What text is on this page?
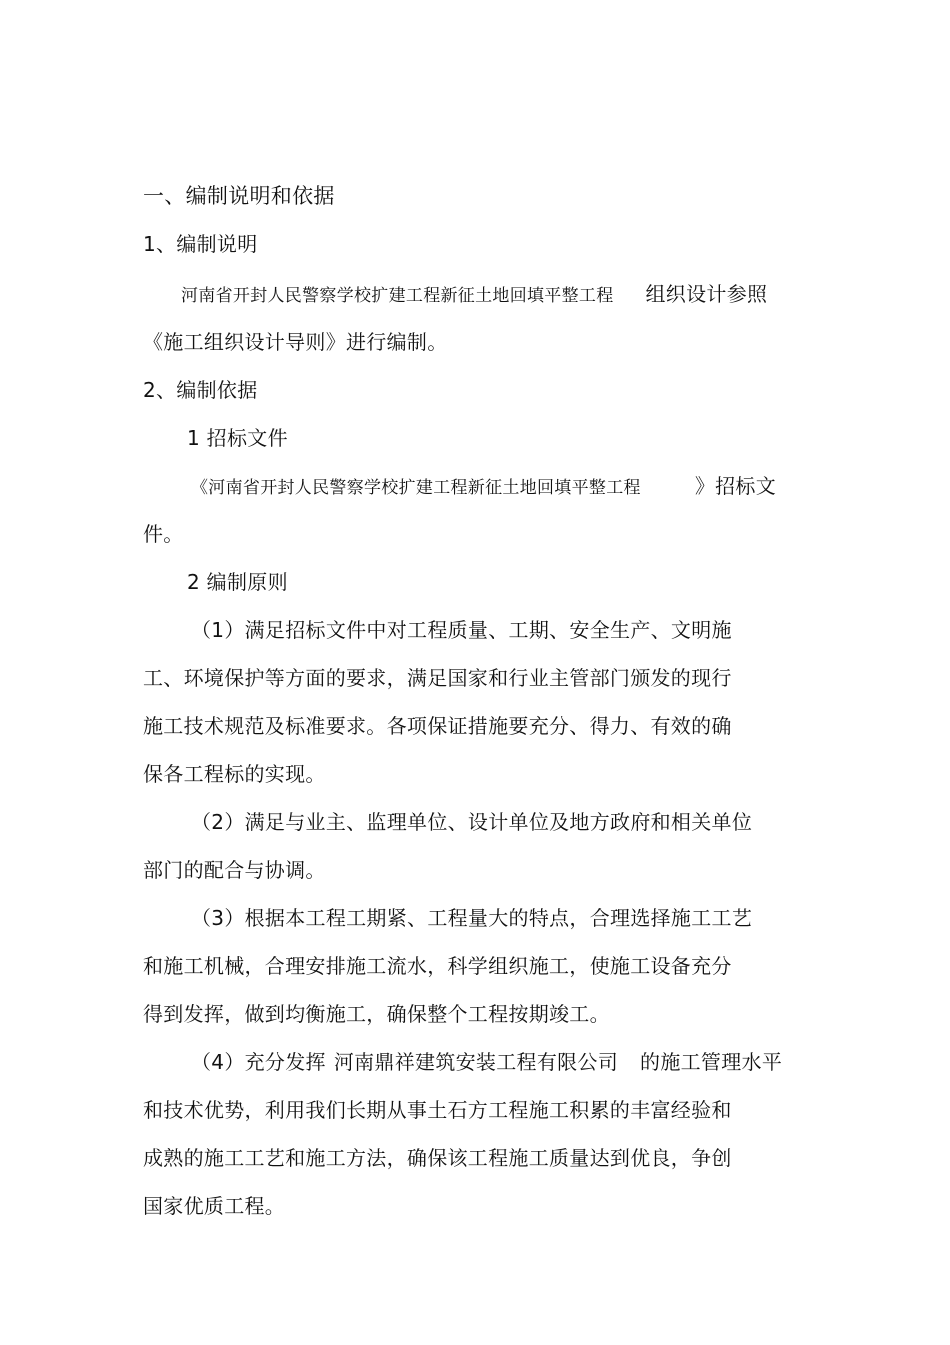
一、编制说明和依据
1、编制说明
河南省开封人民警察学校扩建工程新征土地回填平整工程 组织设计参照
《施工组织设计导则》进行编制。
2、编制依据
1 招标文件
《河南省开封人民警察学校扩建工程新征土地回填平整工程	》招标文
件。
2 编制原则
（1）满足招标文件中对工程质量、工期、安全生产、文明施
工、环境保护等方面的要求，满足国家和行业主管部门颁发的现行
施工技术规范及标准要求。各项保证措施要充分、得力、有效的确
保各工程标的实现。
（2）满足与业主、监理单位、设计单位及地方政府和相关单位
部门的配合与协调。
（3）根据本工程工期紧、工程量大的特点，合理选择施工工艺
和施工机械，合理安排施工流水，科学组织施工，使施工设备充分
得到发挥，做到均衡施工，确保整个工程按期竣工。
（4）充分发挥 河南鼎祥建筑安装工程有限公司 的施工管理水平
和技术优势，利用我们长期从事土石方工程施工积累的丰富经验和
成熟的施工工艺和施工方法，确保该工程施工质量达到优良，争创
国家优质工程。
